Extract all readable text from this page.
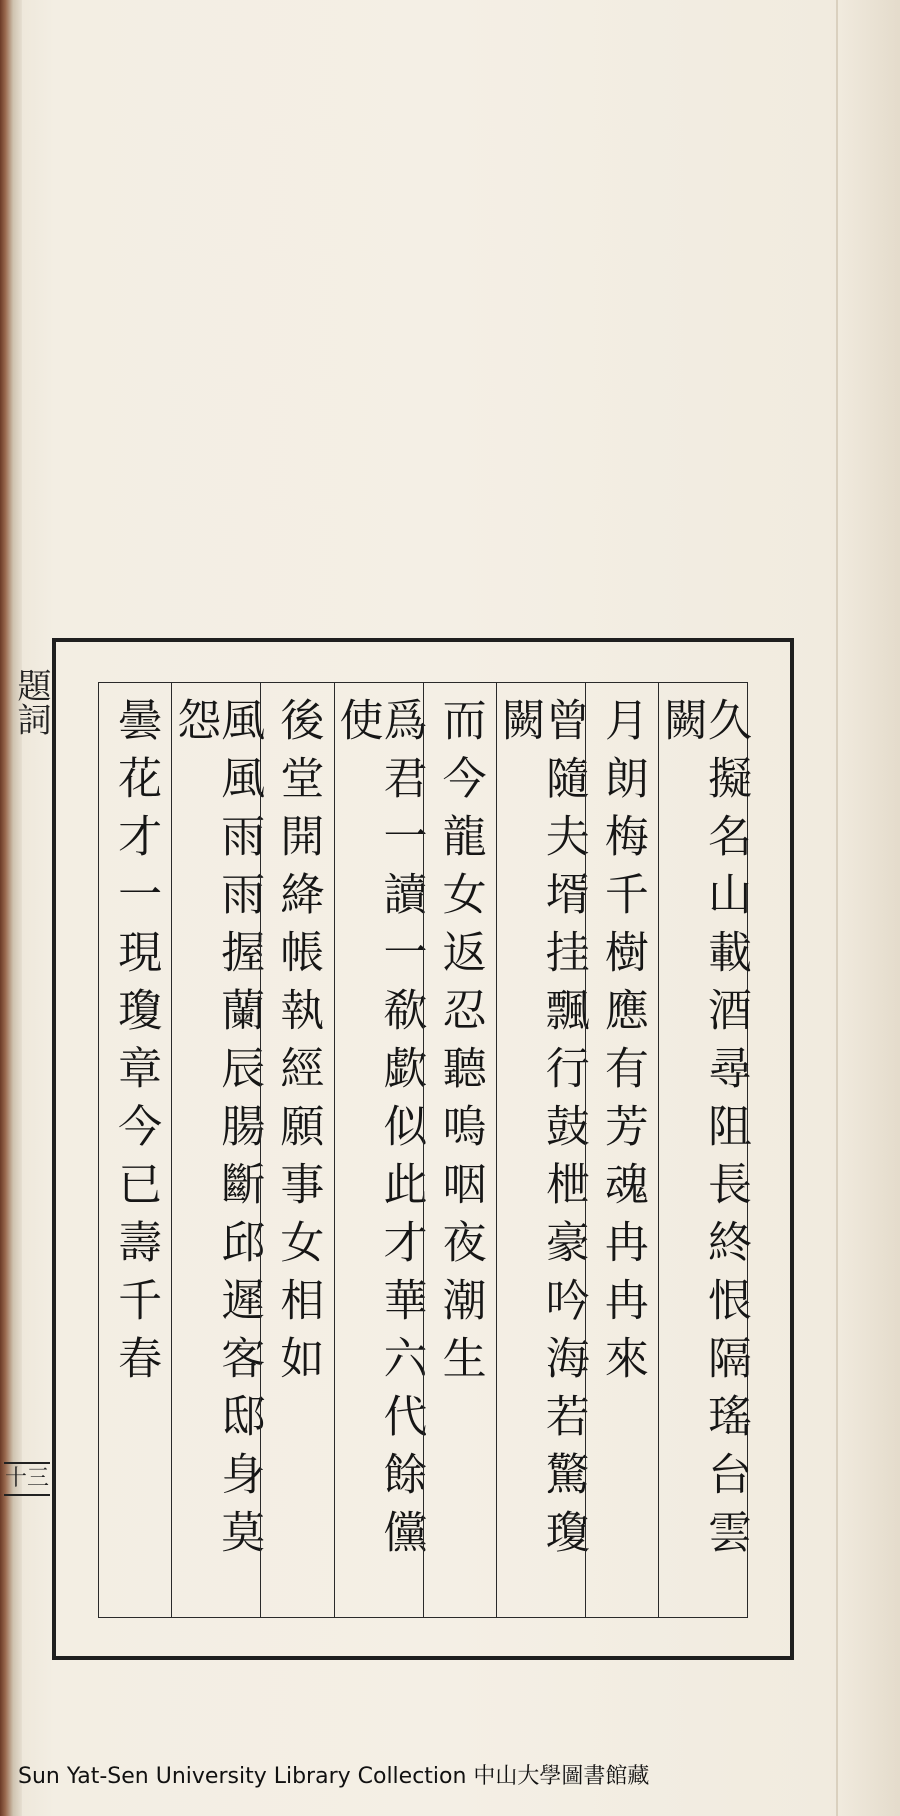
題詞
十三	久擬名山載酒尋阻長終恨隔瑤台雲闕
月朗梅千樹應有芳魂冉冉來
曾隨夫壻挂飄行鼓枻豪吟海若驚瓊闕
而今龍女返忍聽嗚咽夜潮生
爲君一讀一欷歔似此才華六代餘儻使
後堂開絳帳執經願事女相如
風風雨雨握蘭辰腸斷邱遲客邸身莫怨
曇花才一現瓊章今已壽千春
Sun Yat-Sen University Library Collection 中山大學圖書館藏
